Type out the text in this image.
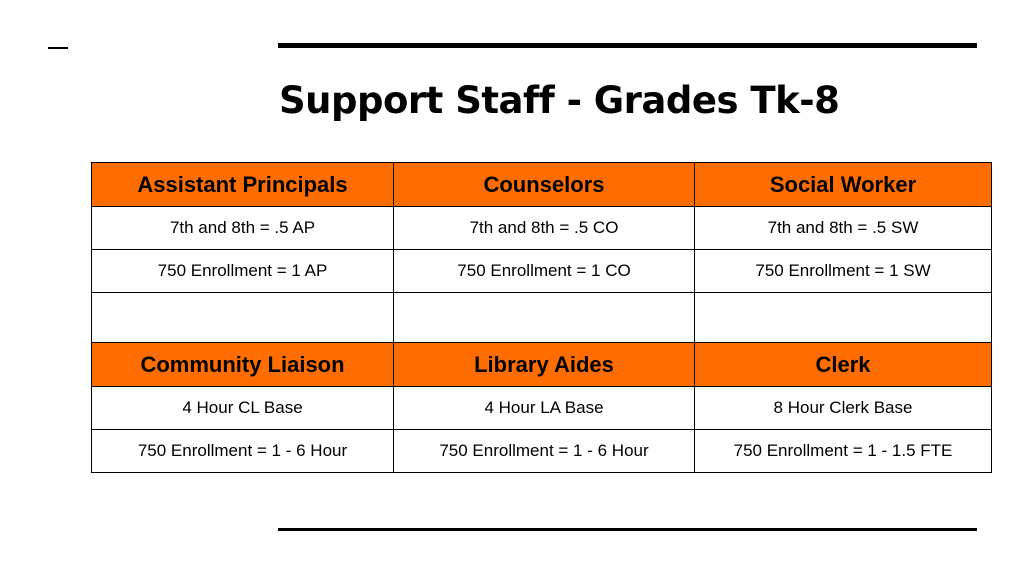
Support Staff - Grades Tk-8
Assistant Principals	Counselors	Social Worker
7th and 8th = .5 AP	7th and 8th = .5 CO	7th and 8th = .5 SW
750 Enrollment = 1 AP	750 Enrollment = 1 CO	750 Enrollment = 1 SW

Community Liaison	Library Aides	Clerk
4 Hour CL Base	4 Hour LA Base	8 Hour Clerk Base
750 Enrollment = 1 - 6 Hour	750 Enrollment = 1 - 6 Hour	750 Enrollment = 1 - 1.5 FTE
